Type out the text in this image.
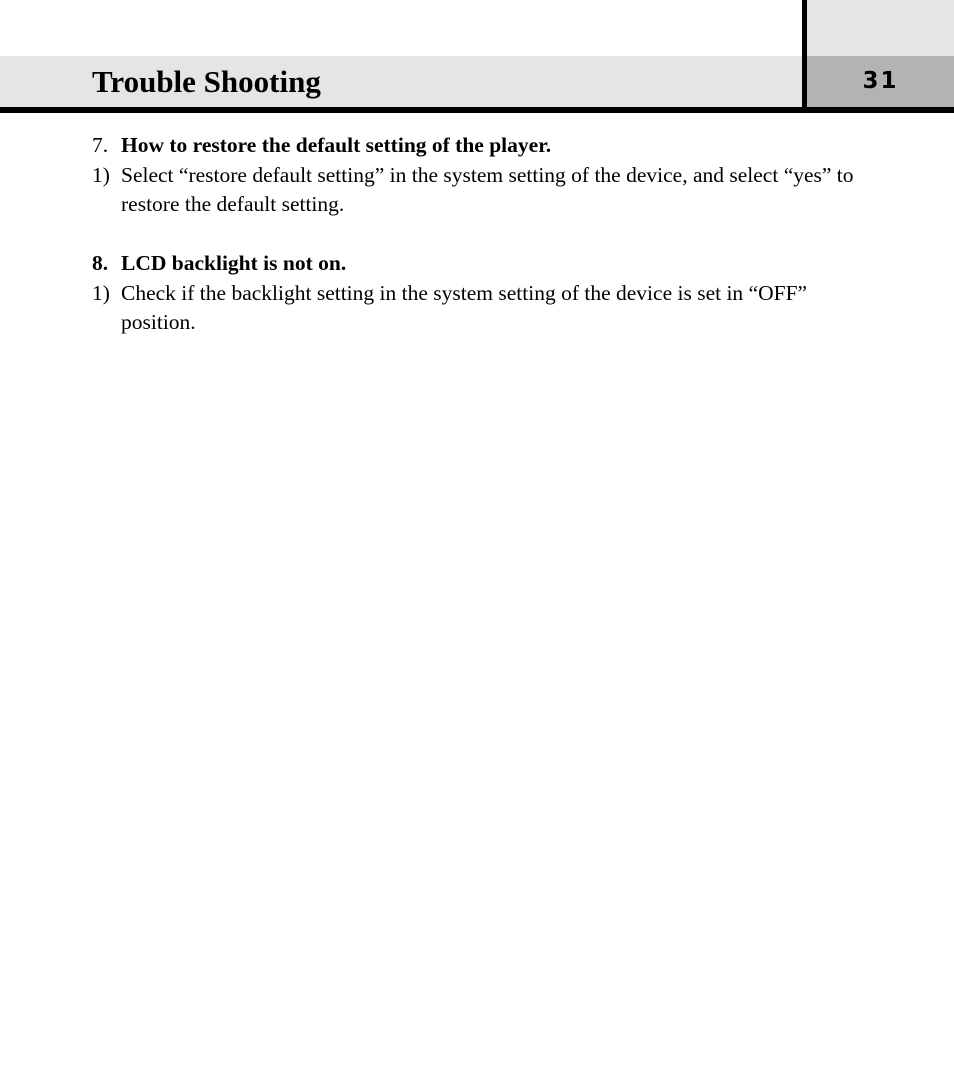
Trouble Shooting	31
7. How to restore the default setting of the player.
1) Select “restore default setting” in the system setting of the device, and select “yes” to restore the default setting.
8. LCD backlight is not on.
1) Check if the backlight setting in the system setting of the device is set in “OFF” position.
